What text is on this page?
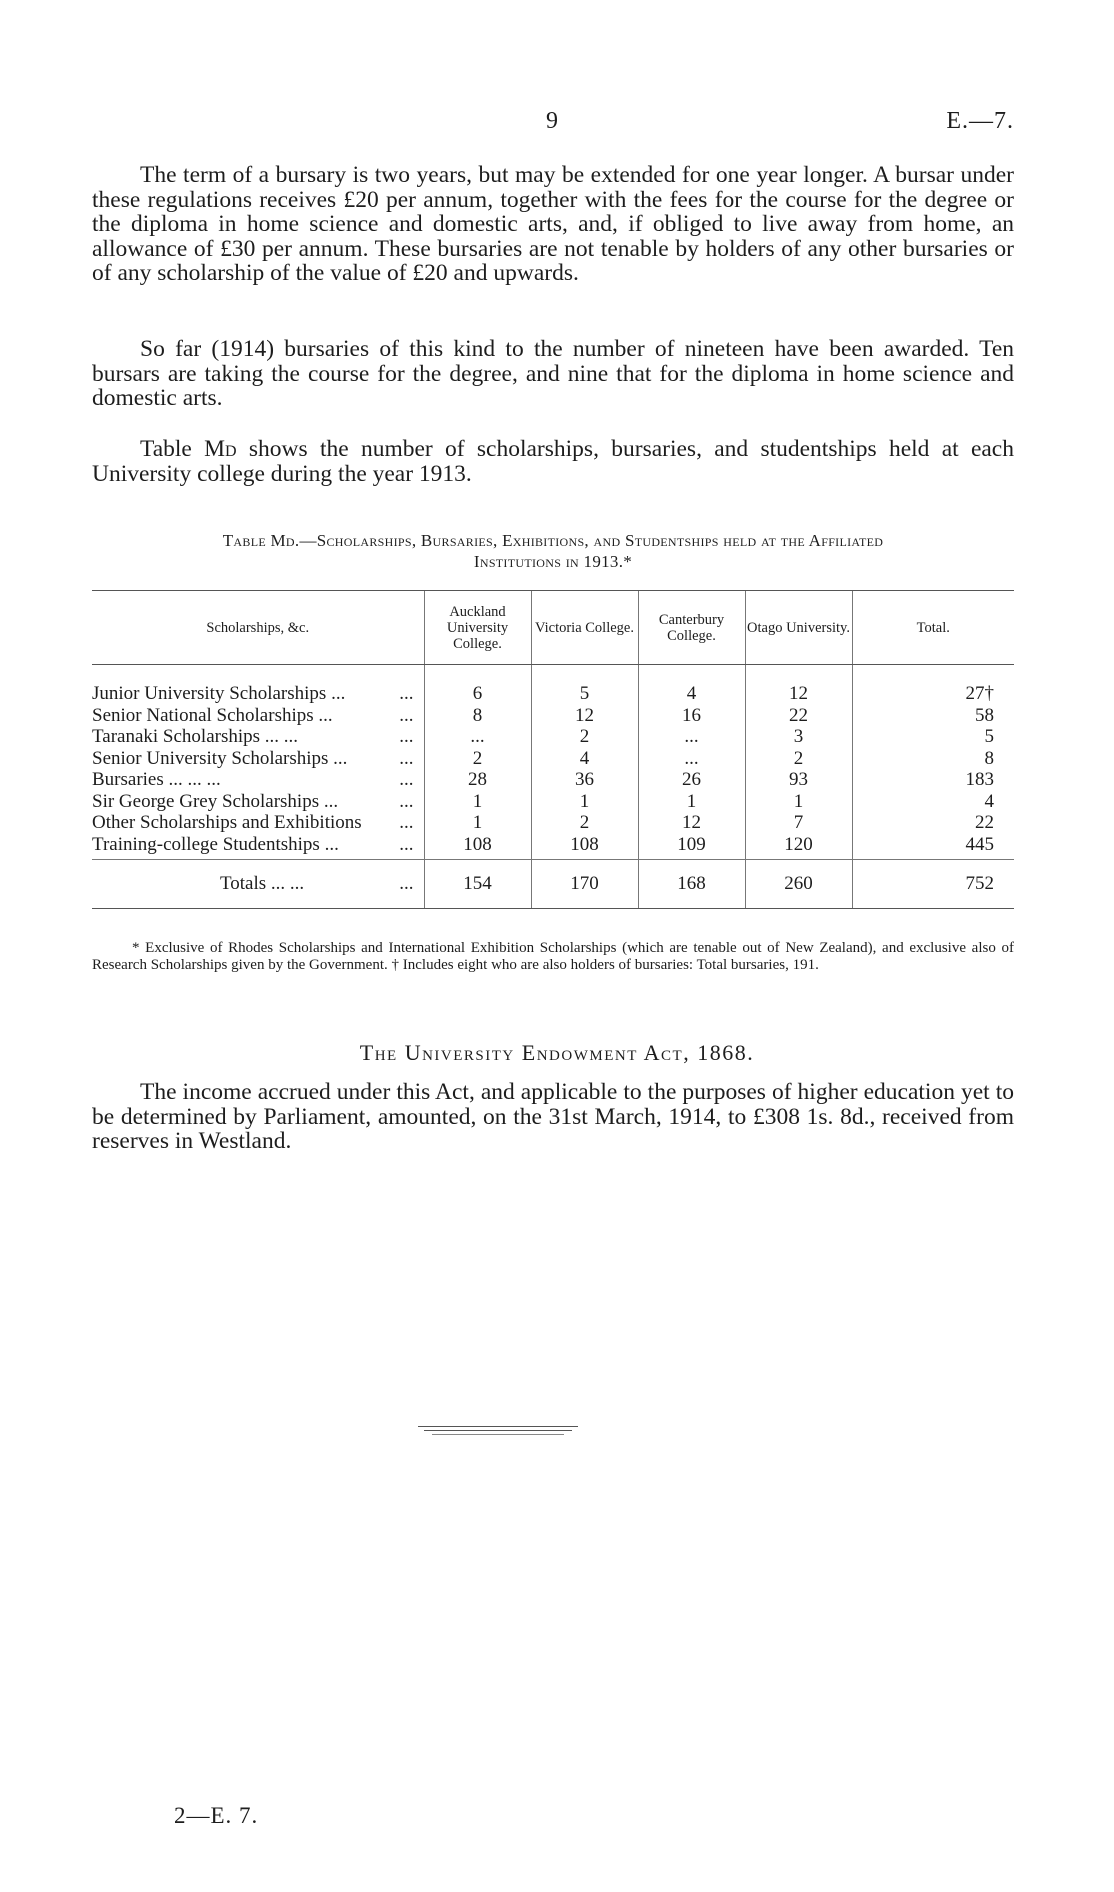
9	E.—7.

The term of a bursary is two years, but may be extended for one year longer. A bursar under these regulations receives £20 per annum, together with the fees for the course for the degree or the diploma in home science and domestic arts, and, if obliged to live away from home, an allowance of £30 per annum. These bursaries are not tenable by holders of any other bursaries or of any scholarship of the value of £20 and upwards.

So far (1914) bursaries of this kind to the number of nineteen have been awarded. Ten bursars are taking the course for the degree, and nine that for the diploma in home science and domestic arts.

Table Md shows the number of scholarships, bursaries, and studentships held at each University college during the year 1913.

Table Md.—Scholarships, Bursaries, Exhibitions, and Studentships held at the Affiliated
Institutions in 1913.*
Scholarships, &c.	Auckland University College.	Victoria College.	Canterbury College.	Otago University.	Total.
Junior University Scholarships ... ...	6	5	4	12	27†
Senior National Scholarships ... ...	8	12	16	22	58
Taranaki Scholarships ... ... ...	...	2	...	3	5
Senior University Scholarships ... ...	2	4	...	2	8
Bursaries ... ... ... ...	28	36	26	93	183
Sir George Grey Scholarships ... ...	1	1	1	1	4
Other Scholarships and Exhibitions ...	1	2	12	7	22
Training-college Studentships ... ...	108	108	109	120	445
Totals ... ... ...	154	170	168	260	752

* Exclusive of Rhodes Scholarships and International Exhibition Scholarships (which are tenable out of New Zealand), and exclusive also of Research Scholarships given by the Government. † Includes eight who are also holders of bursaries: Total bursaries, 191.

The University Endowment Act, 1868.

The income accrued under this Act, and applicable to the purposes of higher education yet to be determined by Parliament, amounted, on the 31st March, 1914, to £308 1s. 8d., received from reserves in Westland.

2—E. 7.
